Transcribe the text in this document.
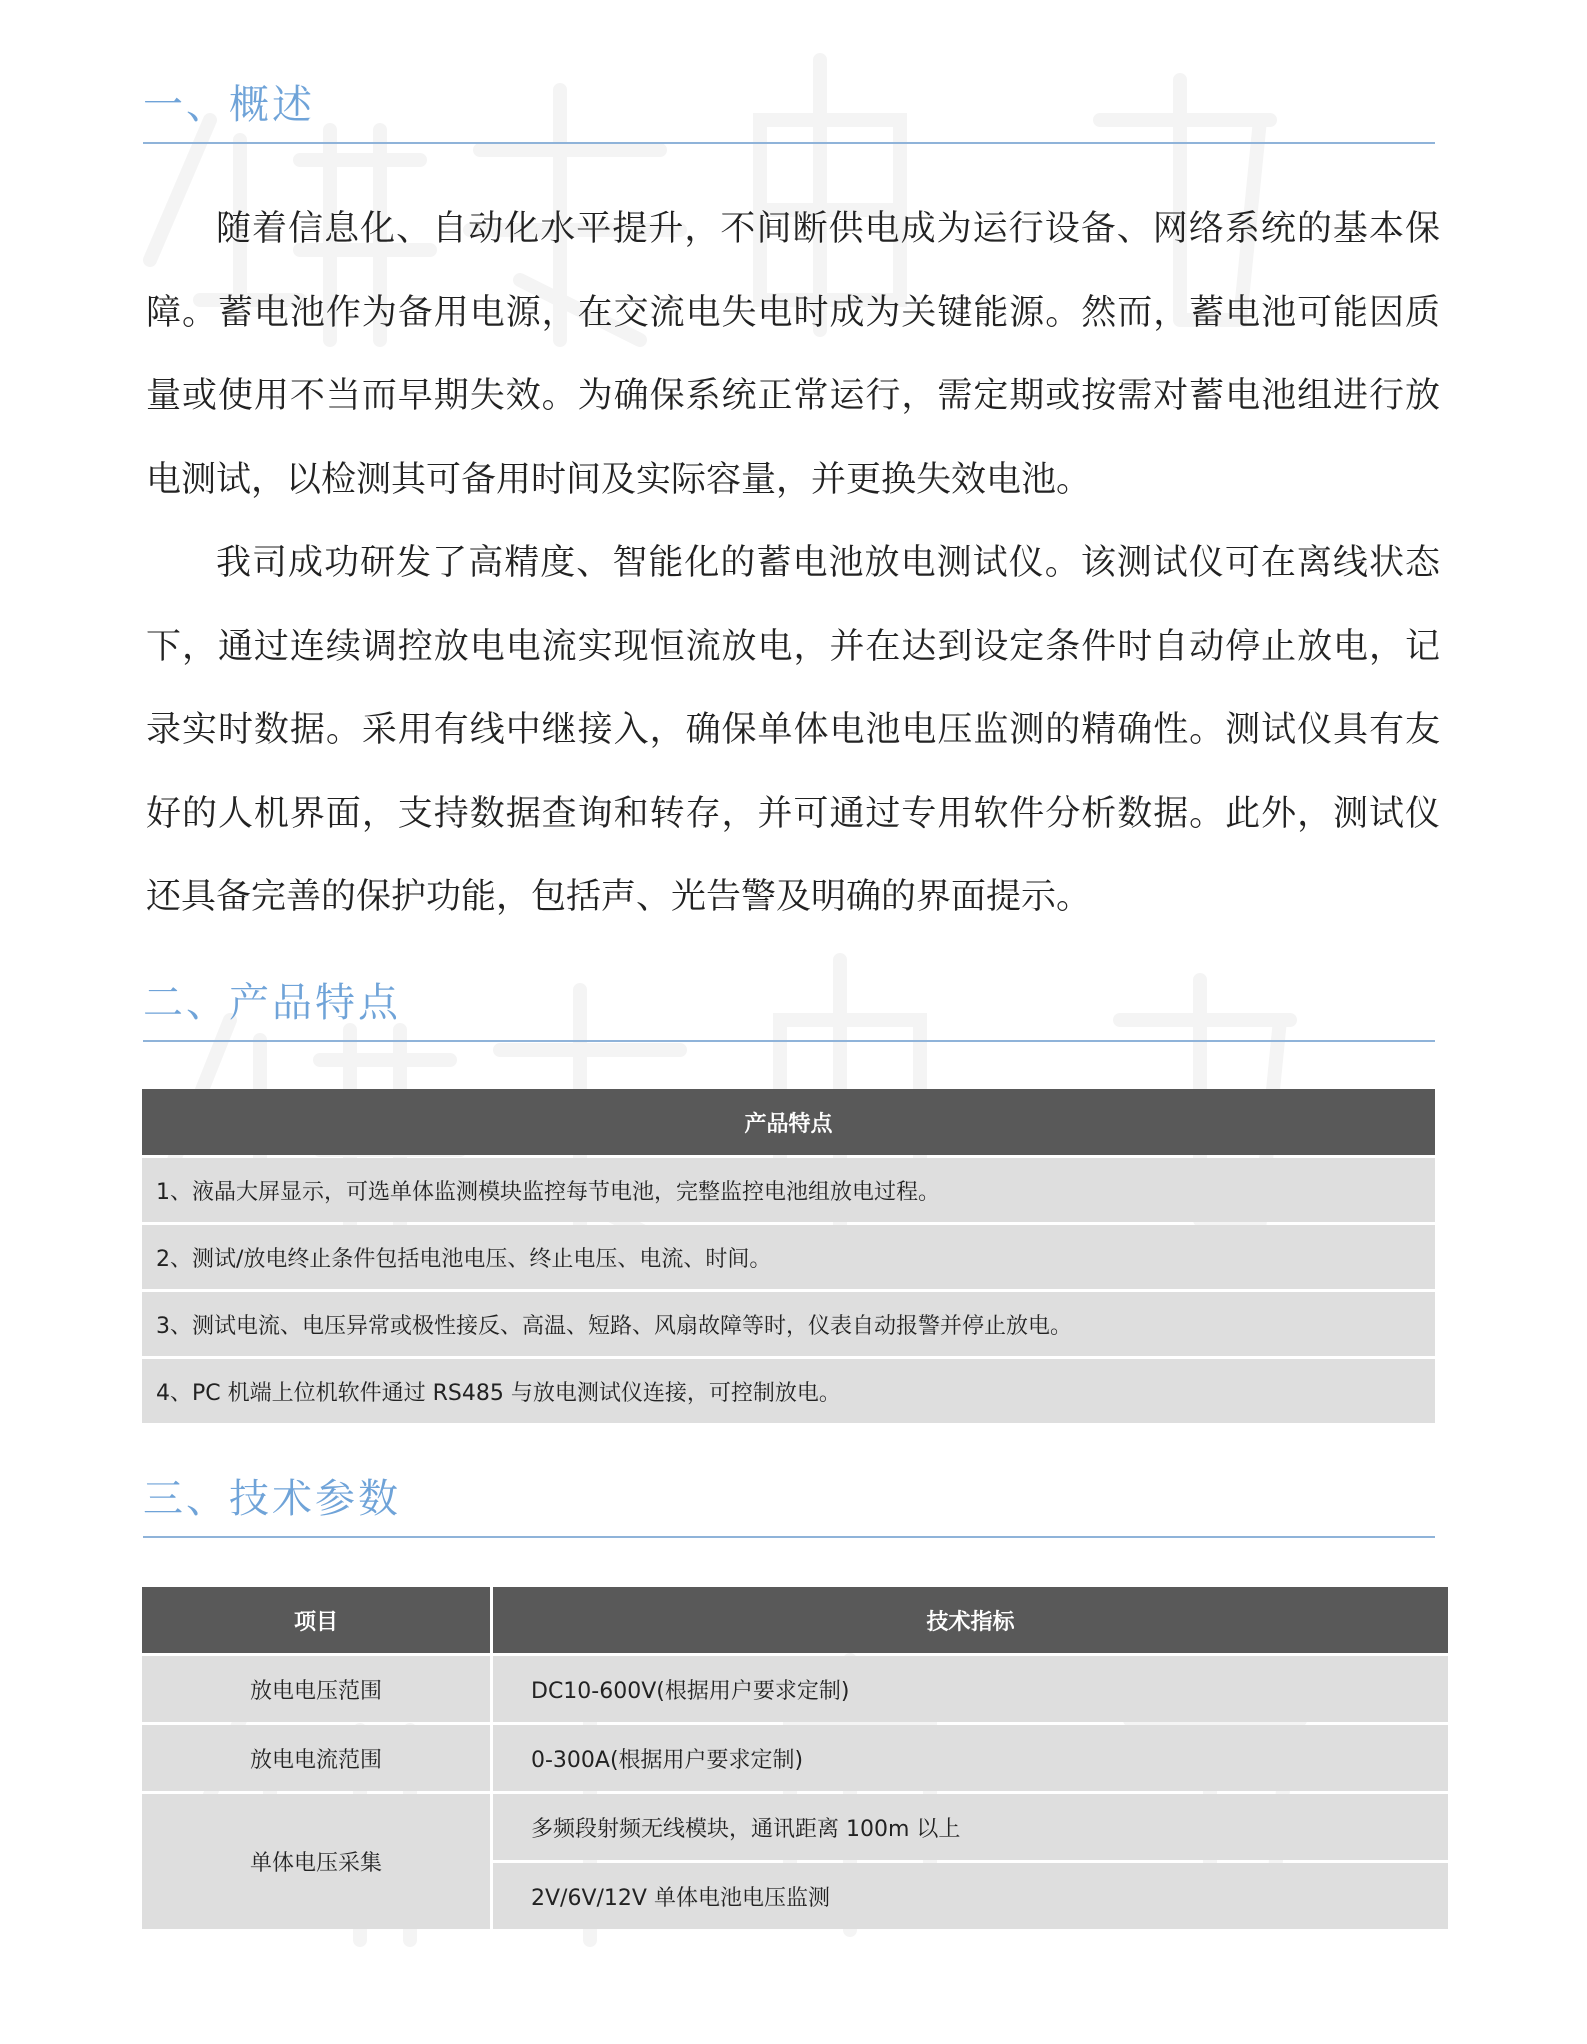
一、概述

随着信息化、自动化水平提升，不间断供电成为运行设备、网络系统的基本保障。蓄电池作为备用电源，在交流电失电时成为关键能源。然而，蓄电池可能因质量或使用不当而早期失效。为确保系统正常运行，需定期或按需对蓄电池组进行放电测试，以检测其可备用时间及实际容量，并更换失效电池。

我司成功研发了高精度、智能化的蓄电池放电测试仪。该测试仪可在离线状态下，通过连续调控放电电流实现恒流放电，并在达到设定条件时自动停止放电，记录实时数据。采用有线中继接入，确保单体电池电压监测的精确性。测试仪具有友好的人机界面，支持数据查询和转存，并可通过专用软件分析数据。此外，测试仪还具备完善的保护功能，包括声、光告警及明确的界面提示。

二、产品特点
产品特点
1、液晶大屏显示，可选单体监测模块监控每节电池，完整监控电池组放电过程。
2、测试/放电终止条件包括电池电压、终止电压、电流、时间。
3、测试电流、电压异常或极性接反、高温、短路、风扇故障等时，仪表自动报警并停止放电。
4、PC 机端上位机软件通过 RS485 与放电测试仪连接，可控制放电。
三、技术参数
项目	技术指标
放电电压范围	DC10-600V(根据用户要求定制)
放电电流范围	0-300A(根据用户要求定制)
单体电压采集	多频段射频无线模块，通讯距离 100m 以上
	2V/6V/12V 单体电池电压监测
